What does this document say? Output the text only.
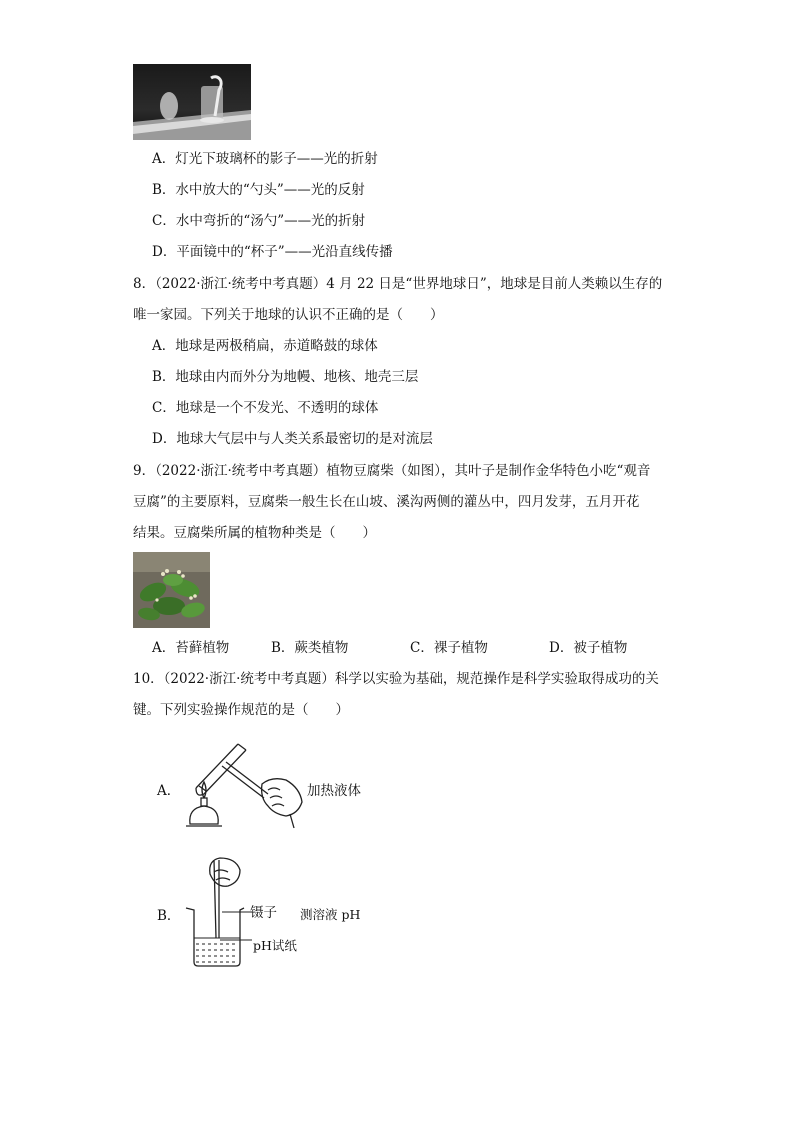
A．灯光下玻璃杯的影子——光的折射
B．水中放大的“勺头”——光的反射
C．水中弯折的“汤勺”——光的折射
D．平面镜中的“杯子”——光沿直线传播
8．（2022·浙江·统考中考真题）4 月 22 日是“世界地球日”，地球是目前人类赖以生存的
唯一家园。下列关于地球的认识不正确的是（　　）
A．地球是两极稍扁，赤道略鼓的球体
B．地球由内而外分为地幔、地核、地壳三层
C．地球是一个不发光、不透明的球体
D．地球大气层中与人类关系最密切的是对流层
9．（2022·浙江·统考中考真题）植物豆腐柴（如图），其叶子是制作金华特色小吃“观音
豆腐”的主要原料，豆腐柴一般生长在山坡、溪沟两侧的灌丛中，四月发芽，五月开花
结果。豆腐柴所属的植物种类是（　　）
A．苔藓植物	B．蕨类植物	C．裸子植物	D．被子植物
10．（2022·浙江·统考中考真题）科学以实验为基础，规范操作是科学实验取得成功的关
键。下列实验操作规范的是（　　）
A．	加热液体
B．	镊子 测溶液 pH
pH试纸
